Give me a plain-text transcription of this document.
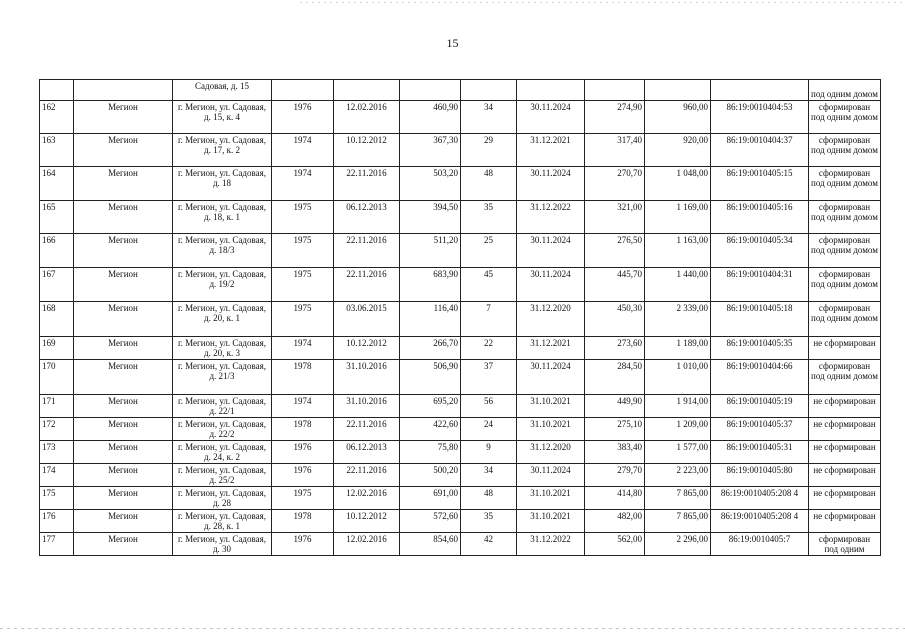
15
		Садовая, д. 15									под одним домом
162	Мегион	г. Мегион, ул. Садовая, д. 15, к. 4	1976	12.02.2016	460,90	34	30.11.2024	274,90	960,00	86:19:0010404:53	сформирован под одним домом
163	Мегион	г. Мегион, ул. Садовая, д. 17, к. 2	1974	10.12.2012	367,30	29	31.12.2021	317,40	920,00	86:19:0010404:37	сформирован под одним домом
164	Мегион	г. Мегион, ул. Садовая, д. 18	1974	22.11.2016	503,20	48	30.11.2024	270,70	1 048,00	86:19:0010405:15	сформирован под одним домом
165	Мегион	г. Мегион, ул. Садовая, д. 18, к. 1	1975	06.12.2013	394,50	35	31.12.2022	321,00	1 169,00	86:19:0010405:16	сформирован под одним домом
166	Мегион	г. Мегион, ул. Садовая, д. 18/3	1975	22.11.2016	511,20	25	30.11.2024	276,50	1 163,00	86:19:0010405:34	сформирован под одним домом
167	Мегион	г. Мегион, ул. Садовая, д. 19/2	1975	22.11.2016	683,90	45	30.11.2024	445,70	1 440,00	86:19:0010404:31	сформирован под одним домом
168	Мегион	г. Мегион, ул. Садовая, д. 20, к. 1	1975	03.06.2015	116,40	7	31.12.2020	450,30	2 339,00	86:19:0010405:18	сформирован под одним домом
169	Мегион	г. Мегион, ул. Садовая, д. 20, к. 3	1974	10.12.2012	266,70	22	31.12.2021	273,60	1 189,00	86:19:0010405:35	не сформирован
170	Мегион	г. Мегион, ул. Садовая, д. 21/3	1978	31.10.2016	506,90	37	30.11.2024	284,50	1 010,00	86:19:0010404:66	сформирован под одним домом
171	Мегион	г. Мегион, ул. Садовая, д. 22/1	1974	31.10.2016	695,20	56	31.10.2021	449,90	1 914,00	86:19:0010405:19	не сформирован
172	Мегион	г. Мегион, ул. Садовая, д. 22/2	1978	22.11.2016	422,60	24	31.10.2021	275,10	1 209,00	86:19:0010405:37	не сформирован
173	Мегион	г. Мегион, ул. Садовая, д. 24, к. 2	1976	06.12.2013	75,80	9	31.12.2020	383,40	1 577,00	86:19:0010405:31	не сформирован
174	Мегион	г. Мегион, ул. Садовая, д. 25/2	1976	22.11.2016	500,20	34	30.11.2024	279,70	2 223,00	86:19:0010405:80	не сформирован
175	Мегион	г. Мегион, ул. Садовая, д. 28	1975	12.02.2016	691,00	48	31.10.2021	414,80	7 865,00	86:19:0010405:208 4	не сформирован
176	Мегион	г. Мегион, ул. Садовая, д. 28, к. 1	1978	10.12.2012	572,60	35	31.10.2021	482,00	7 865,00	86:19:0010405:208 4	не сформирован
177	Мегион	г. Мегион, ул. Садовая, д. 30	1976	12.02.2016	854,60	42	31.12.2022	562,00	2 296,00	86:19:0010405:7	сформирован под одним
